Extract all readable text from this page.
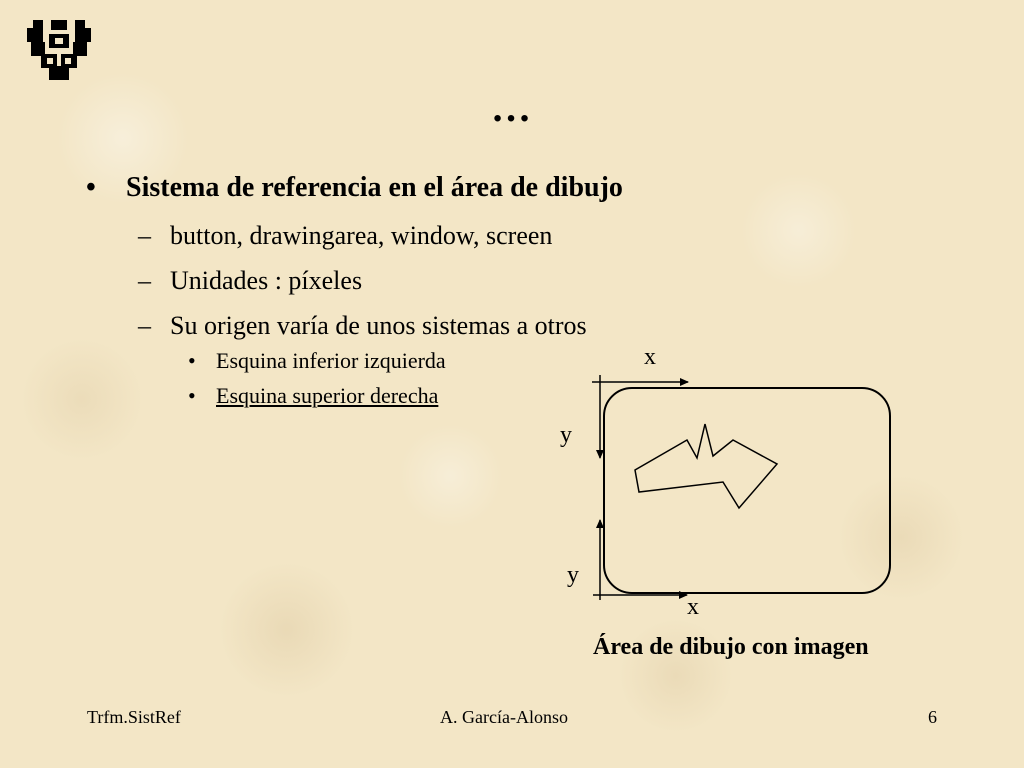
…
• Sistema de referencia en el área de dibujo
– button, drawingarea, window, screen
– Unidades : píxeles
– Su origen varía de unos sistemas a otros
• Esquina inferior izquierda
• Esquina superior derecha
x
y
y
x
Área de dibujo con imagen
Trfm.SistRef	A. García-Alonso	6
